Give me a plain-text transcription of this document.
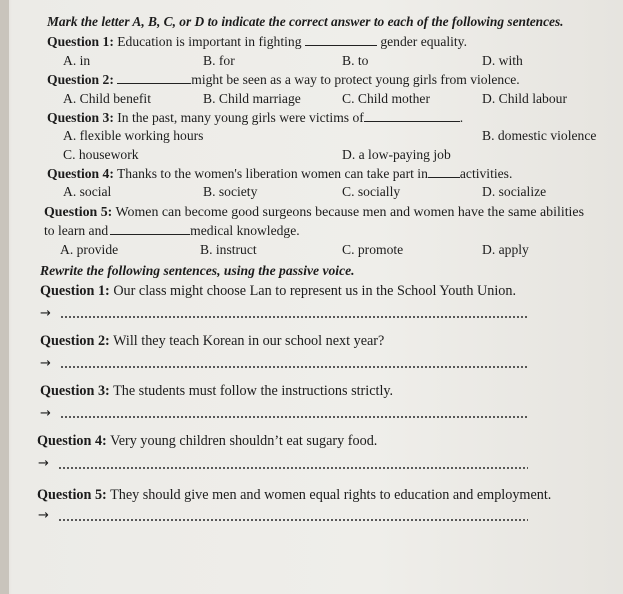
Mark the letter A, B, C, or D to indicate the correct answer to each of the following sentences.
Question 1: Education is important in fighting	gender equality.
A. in	B. for	B. to	D. with
Question 2:	might be seen as a way to protect young girls from violence.
A. Child benefit	B. Child marriage	C. Child mother	D. Child labour
Question 3: In the past, many young girls were victims of	.
A. flexible working hours	B. domestic violence
C. housework	D. a low-paying job
Question 4: Thanks to the women's liberation women can take part in activities.
A. social	B. society	C. socially	D. socialize
Question 5: Women can become good surgeons because men and women have the same abilities
to learn and	medical knowledge.
A. provide	B. instruct	C. promote	D. apply
Rewrite the following sentences, using the passive voice.
Question 1: Our class might choose Lan to represent us in the School Youth Union.
→
Question 2: Will they teach Korean in our school next year?
→
Question 3: The students must follow the instructions strictly.
→
Question 4: Very young children shouldn’t eat sugary food.
→
Question 5: They should give men and women equal rights to education and employment.
→
